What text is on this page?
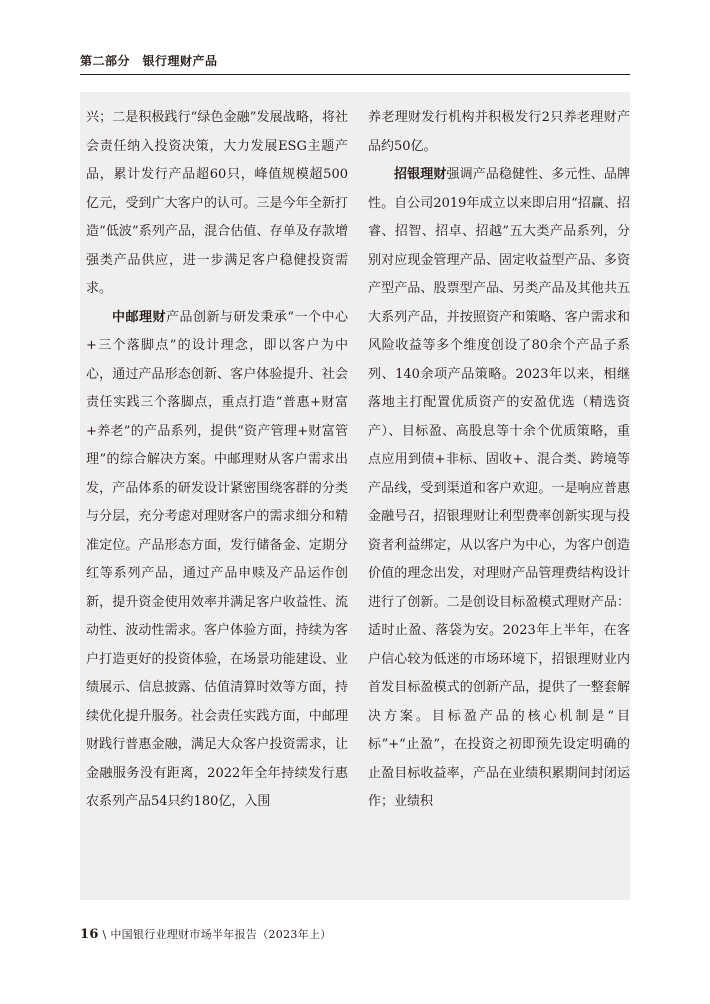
第二部分　银行理财产品

兴；二是积极践行“绿色金融”发展战略，将社会责任纳入投资决策，大力发展ESG主题产品，累计发行产品超60只，峰值规模超500亿元，受到广大客户的认可。三是今年全新打造“低波”系列产品，混合估值、存单及存款增强类产品供应，进一步满足客户稳健投资需求。

中邮理财产品创新与研发秉承“一个中心+三个落脚点”的设计理念，即以客户为中心，通过产品形态创新、客户体验提升、社会责任实践三个落脚点，重点打造“普惠+财富+养老”的产品系列，提供“资产管理+财富管理”的综合解决方案。中邮理财从客户需求出发，产品体系的研发设计紧密围绕客群的分类与分层，充分考虑对理财客户的需求细分和精准定位。产品形态方面，发行储备金、定期分红等系列产品，通过产品申赎及产品运作创新，提升资金使用效率并满足客户收益性、流动性、波动性需求。客户体验方面，持续为客户打造更好的投资体验，在场景功能建设、业绩展示、信息披露、估值清算时效等方面，持续优化提升服务。社会责任实践方面，中邮理财践行普惠金融，满足大众客户投资需求，让金融服务没有距离，2022年全年持续发行惠农系列产品54只约180亿，入围

养老理财发行机构并积极发行2只养老理财产品约50亿。

招银理财强调产品稳健性、多元性、品牌性。自公司2019年成立以来即启用“招赢、招睿、招智、招卓、招越”五大类产品系列，分别对应现金管理产品、固定收益型产品、多资产型产品、股票型产品、另类产品及其他共五大系列产品，并按照资产和策略、客户需求和风险收益等多个维度创设了80余个产品子系列、140余项产品策略。2023年以来，相继落地主打配置优质资产的安盈优选（精选资产）、目标盈、高股息等十余个优质策略，重点应用到债+非标、固收+、混合类、跨境等产品线，受到渠道和客户欢迎。一是响应普惠金融号召，招银理财让利型费率创新实现与投资者利益绑定，从以客户为中心，为客户创造价值的理念出发，对理财产品管理费结构设计进行了创新。二是创设目标盈模式理财产品：适时止盈、落袋为安。2023年上半年，在客户信心较为低迷的市场环境下，招银理财业内首发目标盈模式的创新产品，提供了一整套解决方案。目标盈产品的核心机制是“目标”+“止盈”，在投资之初即预先设定明确的止盈目标收益率，产品在业绩积累期间封闭运作；业绩积

16 \ 中国银行业理财市场半年报告（2023年上）
